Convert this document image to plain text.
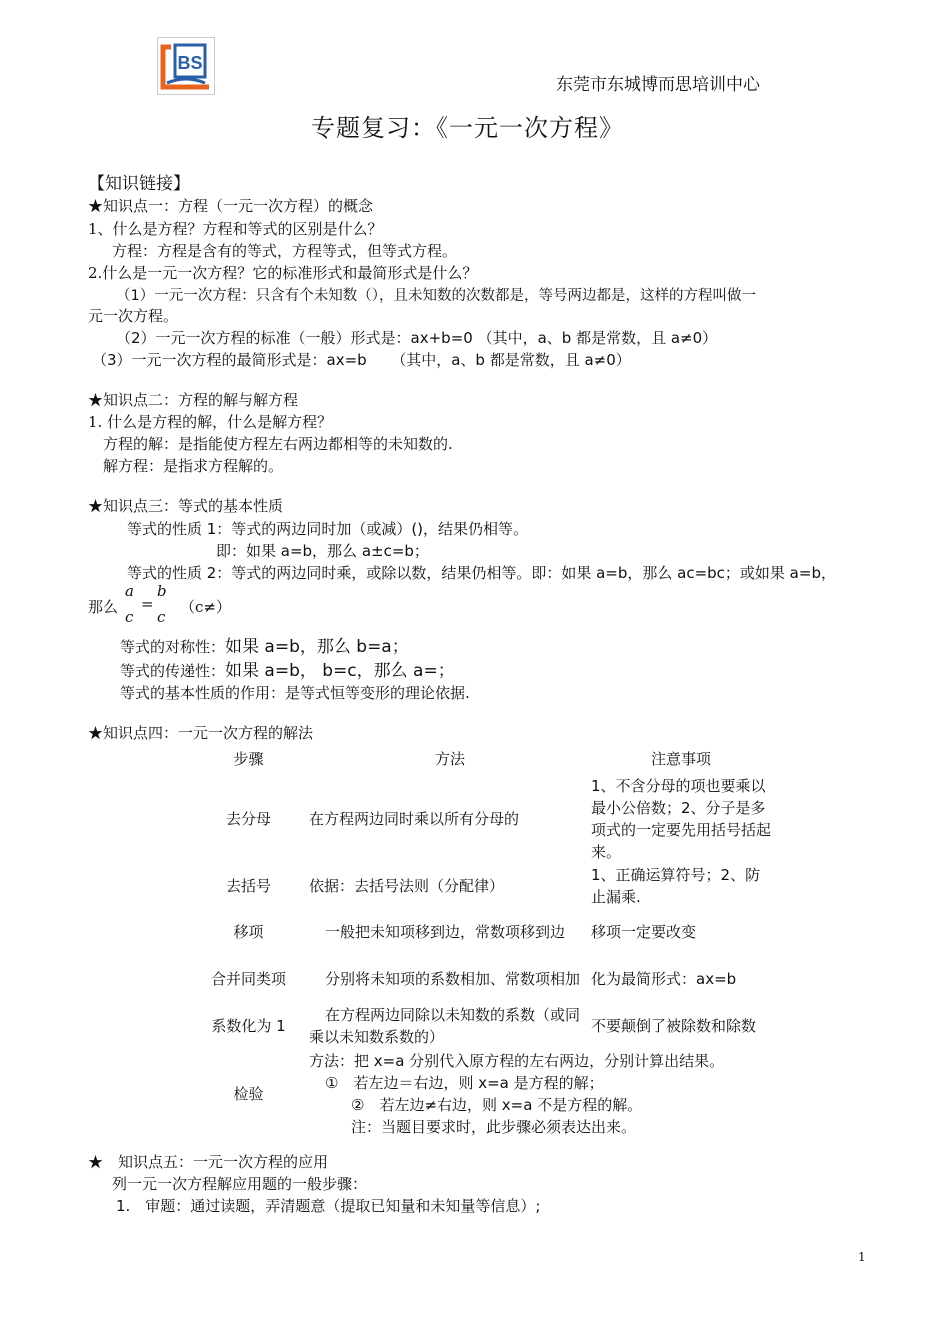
BS
东莞市东城博而思培训中心
专题复习：《一元一次方程》
【知识链接】
★知识点一：方程（一元一次方程）的概念
1、什么是方程？方程和等式的区别是什么？
方程：方程是含有的等式，方程等式，但等式方程。
2.什么是一元一次方程？它的标准形式和最简形式是什么？
（1）一元一次方程：只含有个未知数（），且未知数的次数都是，等号两边都是，这样的方程叫做一
元一次方程。
（2）一元一次方程的标准（一般）形式是：ax+b=0 （其中，a、b 都是常数，且 a≠0）
（3）一元一次方程的最简形式是：ax=b 　 （其中，a、b 都是常数，且 a≠0）
★知识点二：方程的解与解方程
1. 什么是方程的解，什么是解方程？
方程的解：是指能使方程左右两边都相等的未知数的.
解方程：是指求方程解的。
★知识点三：等式的基本性质
等式的性质 1：等式的两边同时加（或减）()，结果仍相等。
即：如果 a=b，那么 a±c=b；
等式的性质 2：等式的两边同时乘，或除以数，结果仍相等。即：如果 a=b，那么 ac=bc；或如果 a=b，
那么
a
c
=
b
c
（c≠）
等式的对称性：如果 a=b，那么 b=a；
等式的传递性：如果 a=b， b=c，那么 a=；
等式的基本性质的作用：是等式恒等变形的理论依据.
★知识点四：一元一次方程的解法
步骤	方法	注意事项
去分母	在方程两边同时乘以所有分母的	1、不含分母的项也要乘以最小公倍数；2、分子是多项式的一定要先用括号括起来。
去括号	依据：去括号法则（分配律）	1、正确运算符号；2、防止漏乘.
移项	一般把未知项移到边，常数项移到边	移项一定要改变
合并同类项	分别将未知项的系数相加、常数项相加	化为最简形式：ax=b
系数化为 1	在方程两边同除以未知数的系数（或同乘以未知数系数的）	不要颠倒了被除数和除数
检验	方法：把 x=a 分别代入原方程的左右两边，分别计算出结果。
①　若左边＝右边，则 x=a 是方程的解；
②　若左边≠右边，则 x=a 不是方程的解。
注：当题目要求时，此步骤必须表达出来。	
★　知识点五：一元一次方程的应用
列一元一次方程解应用题的一般步骤：
1.　审题：通过读题，弄清题意（提取已知量和未知量等信息）;
1
